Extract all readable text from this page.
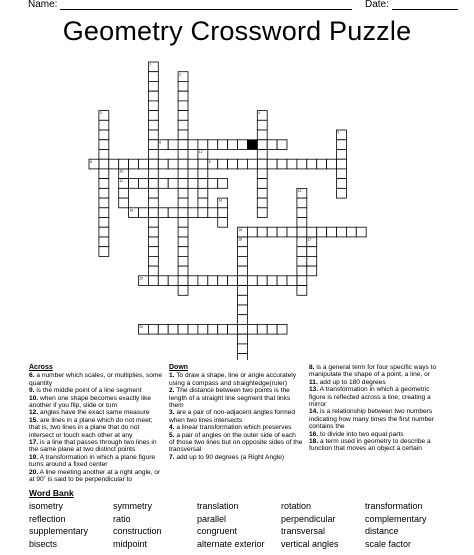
Name:	Date:
Geometry Crossword Puzzle
1
2
3	4
5
6	7
8	9
10
11
12
13
14
15
16
17
18
19
20
Across
6. a number which scales, or multiplies, some quantity
9. is the middle point of a line segment
10. when one shape becomes exactly like another if you flip, slide or turn
12. angles have the exact same measure
15. are lines in a plane which do not meet; that is, two lines in a plane that do not intersect or touch each other at any
17. is a line that passes through two lines in the same plane at two distinct points
19. A transformation in which a plane figure turns around a fixed center
20. A line meeting another at a right angle, or at 90˚ is said to be perpendicular to
Down
1. To draw a shape, line or angle accurately using a compass and straightedge(ruler)
2. The distance between two points is the length of a straight line segment that links them
3. are a pair of non-adjacent angles formed when two lines intersects
4. a linear transformation which preserves
5. a pair of angles on the outer side of each of those two lines but on opposite sides of the transversal
7. add up to 90 degrees (a Right Angle)
8. is a general term for four specific ways to manipulate the shape of a point, a line, or
11. add up to 180 degrees
13. A transformation in which a geometric figure is reflected across a line, creating a mirror
14. is a relationship between two numbers indicating how many times the first number contains the
16. to divide into two equal parts
18. a term used in geometry to describe a function that moves an object a certain
Word Bank
isometry	symmetry	translation	rotation	transformation
reflection	ratio	parallel	perpendicular	complementary
supplementary	construction	congruent	transversal	distance
bisects	midpoint	alternate exterior	vertical angles	scale factor
